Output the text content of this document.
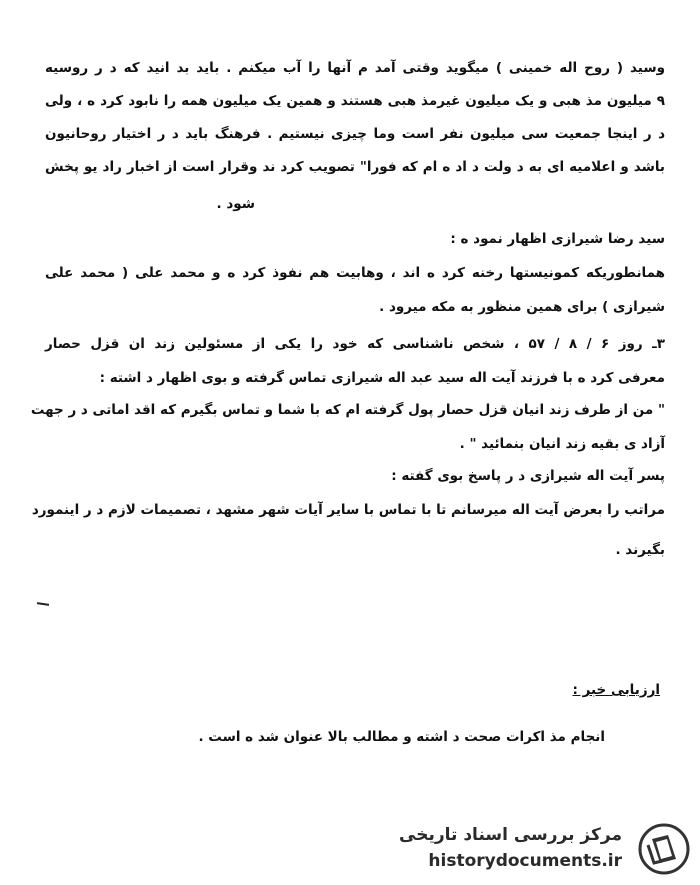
وسید ( روح اله خمینی ) میگوید وقتی آمد م آنها را آب میکنم . باید بد انید که د ر روسیه
۹ میلیون مذ هبی و یک میلیون غیرمذ هبی هستند و همین یک میلیون همه را نابود کرد ه ، ولی
د ر اینجا جمعیت سی میلیون نفر است وما چیزی نیستیم . فرهنگ باید د ر اختیار روحانیون
باشد و اعلامیه ای به د ولت د اد ه ام که فورا" تصویب کرد ند وقرار است از اخبار راد یو پخش
شود .
سید رضا شیرازی اظهار نمود ه :
همانطوریکه کمونیستها رخنه کرد ه اند ، وهابیت هم نفوذ کرد ه و محمد علی ( محمد علی
شیرازی ) برای همین منظور به مکه میرود .
۳ـ روز ۶ / ۸ / ۵۷ ، شخص ناشناسی که خود را یکی از مسئولین زند ان قزل حصار
معرفی کرد ه با فرزند آیت اله سید عبد اله شیرازی تماس گرفته و بوی اظهار د اشته :
" من از طرف زند انیان قزل حصار پول گرفته ام که با شما و تماس بگیرم که اقد اماتی د ر جهت
آزاد ی بقیه زند انیان بنمائید " .
پسر آیت اله شیرازی د ر پاسخ بوی گفته :
مراتب را بعرض آیت اله میرسانم تا با تماس با سایر آیات شهر مشهد ، تصمیمات لازم د ر اینمورد
بگیرند .
ارزیابی خبر :
انجام مذ اکرات صحت د اشته و مطالب بالا عنوان شد ه است .
مرکز بررسی اسناد تاریخی
historydocuments.ir
